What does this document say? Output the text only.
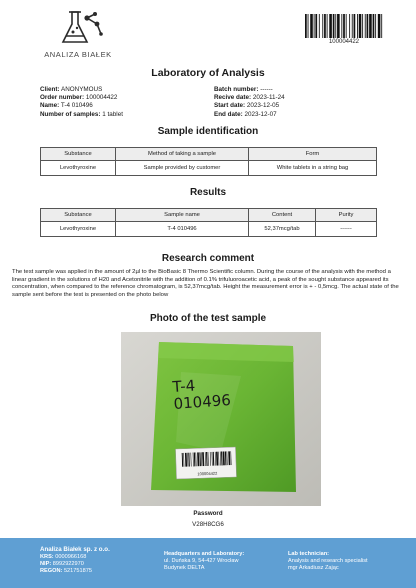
ANALIZA BIAŁEK
100004422
Laboratory of Analysis
Client: ANONYMOUS
Order number: 100004422
Name: T-4 010496
Number of samples: 1 tablet
Batch number: ------
Recive date: 2023-11-24
Start date: 2023-12-05
End date: 2023-12-07
Sample identification
Substance	Method of taking a sample	Form
Levothyroxine	Sample provided by customer	White tablets in a string bag
Results
Substance	Sample name	Content	Purity
Levothyroxine	T-4 010496	52,37mcg/tab	------
Research comment
The test sample was applied in the amount of 2µl to the BioBasic 8 Thermo Scientific column. During the course of the analysis with the method a linear gradient in the solutions of H20 and Acetonitrile with the addition of 0.1% trifuluoroacetic acid, a peak of the sought substance appeared its concentration, when compared to the reference chromatogram, is 52,37mcg/tab. Height the measurement error is + - 0,5mcg. The actual state of the sample sent before the test is presented on the photo below
Photo of the test sample
T-4
010496
100004422
Password
V28H8CG6
Analiza Białek sp. z o.o.
KRS: 0000966168
NIP: 8992922970
REGON: 521751875
Headquarters and Laboratory:
ul. Duńska 9, 54-427 Wrocław
Budynek DELTA
Lab technician:
Analysis and research specialist
mgr Arkadiusz Zając
